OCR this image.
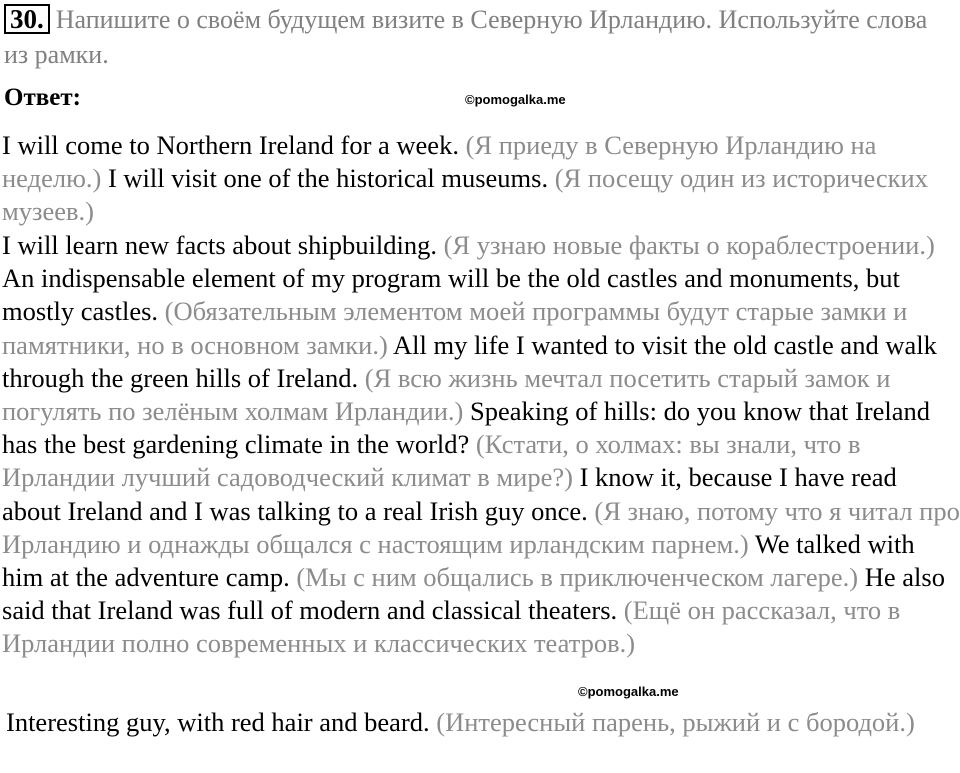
30. Напишите о своём будущем визите в Северную Ирландию. Используйте слова из рамки.
Ответ:	©pomogalka.me

I will come to Northern Ireland for a week. (Я приеду в Северную Ирландию на неделю.) I will visit one of the historical museums. (Я посещу один из исторических музеев.)

I will learn new facts about shipbuilding. (Я узнаю новые факты о кораблестроении.) An indispensable element of my program will be the old castles and monuments, but mostly castles. (Обязательным элементом моей программы будут старые замки и памятники, но в основном замки.) All my life I wanted to visit the old castle and walk through the green hills of Ireland. (Я всю жизнь мечтал посетить старый замок и погулять по зелёным холмам Ирландии.) Speaking of hills: do you know that Ireland has the best gardening climate in the world? (Кстати, о холмах: вы знали, что в Ирландии лучший садоводческий климат в мире?) I know it, because I have read about Ireland and I was talking to a real Irish guy once. (Я знаю, потому что я читал про Ирландию и однажды общался с настоящим ирландским парнем.) We talked with him at the adventure camp. (Мы с ним общались в приключенческом лагере.) He also said that Ireland was full of modern and classical theaters. (Ещё он рассказал, что в Ирландии полно современных и классических театров.)

©pomogalka.me

Interesting guy, with red hair and beard. (Интересный парень, рыжий и с бородой.)
